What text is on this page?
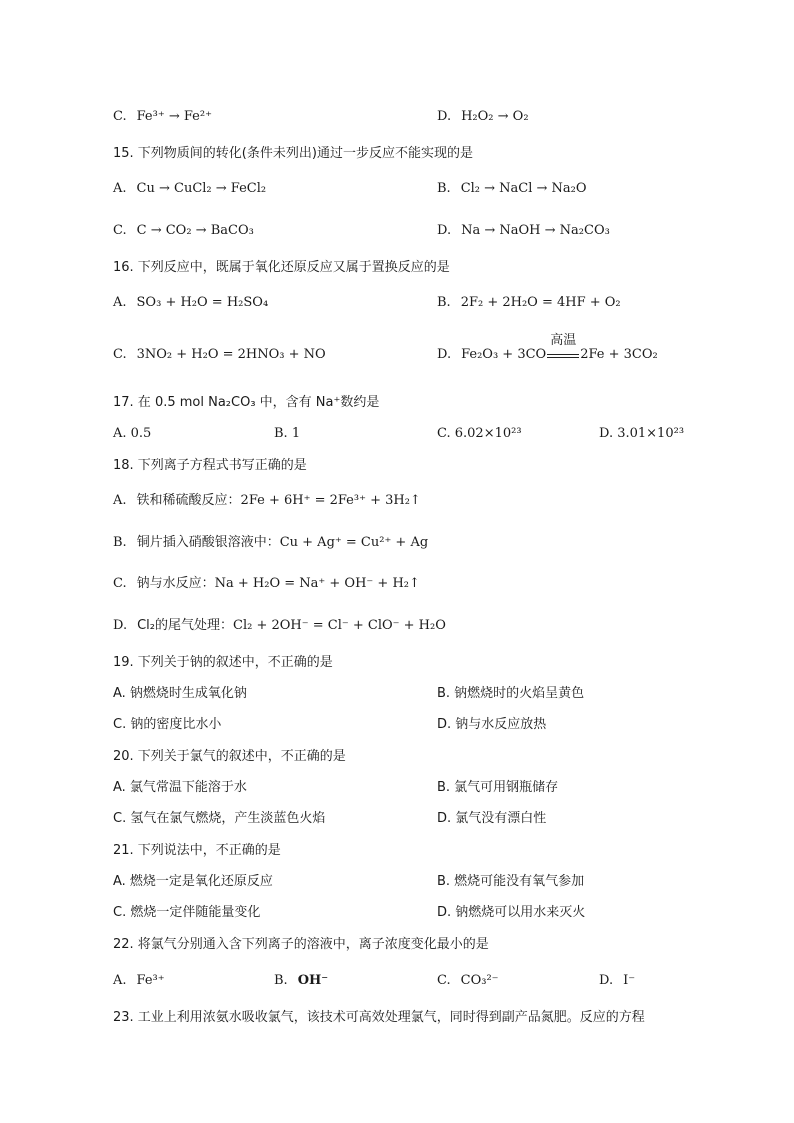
C. Fe³⁺ → Fe²⁺	D. H₂O₂ → O₂
15. 下列物质间的转化(条件未列出)通过一步反应不能实现的是
A. Cu → CuCl₂ → FeCl₂	B. Cl₂ → NaCl → Na₂O
C. C → CO₂ → BaCO₃	D. Na → NaOH → Na₂CO₃
16. 下列反应中，既属于氧化还原反应又属于置换反应的是
A. SO₃ + H₂O = H₂SO₄	B. 2F₂ + 2H₂O = 4HF + O₂
C. 3NO₂ + H₂O = 2HNO₃ + NO	D. Fe₂O₃ + 3CO
高温
2Fe + 3CO₂
17. 在 0.5 mol Na₂CO₃ 中，含有 Na⁺数约是
A. 0.5	B. 1	C. 6.02×10²³	D. 3.01×10²³
18. 下列离子方程式书写正确的是
A. 铁和稀硫酸反应：2Fe + 6H⁺ = 2Fe³⁺ + 3H₂↑
B. 铜片插入硝酸银溶液中：Cu + Ag⁺ = Cu²⁺ + Ag
C. 钠与水反应：Na + H₂O = Na⁺ + OH⁻ + H₂↑
D. Cl₂的尾气处理：Cl₂ + 2OH⁻ = Cl⁻ + ClO⁻ + H₂O
19. 下列关于钠的叙述中，不正确的是
A. 钠燃烧时生成氧化钠	B. 钠燃烧时的火焰呈黄色
C. 钠的密度比水小	D. 钠与水反应放热
20. 下列关于氯气的叙述中，不正确的是
A. 氯气常温下能溶于水	B. 氯气可用钢瓶储存
C. 氢气在氯气燃烧，产生淡蓝色火焰	D. 氯气没有漂白性
21. 下列说法中，不正确的是
A. 燃烧一定是氧化还原反应	B. 燃烧可能没有氧气参加
C. 燃烧一定伴随能量变化	D. 钠燃烧可以用水来灭火
22. 将氯气分别通入含下列离子的溶液中，离子浓度变化最小的是
A. Fe³⁺	B. OH⁻	C. CO₃²⁻	D. I⁻
23. 工业上利用浓氨水吸收氯气，该技术可高效处理氯气，同时得到副产品氮肥。反应的方程
